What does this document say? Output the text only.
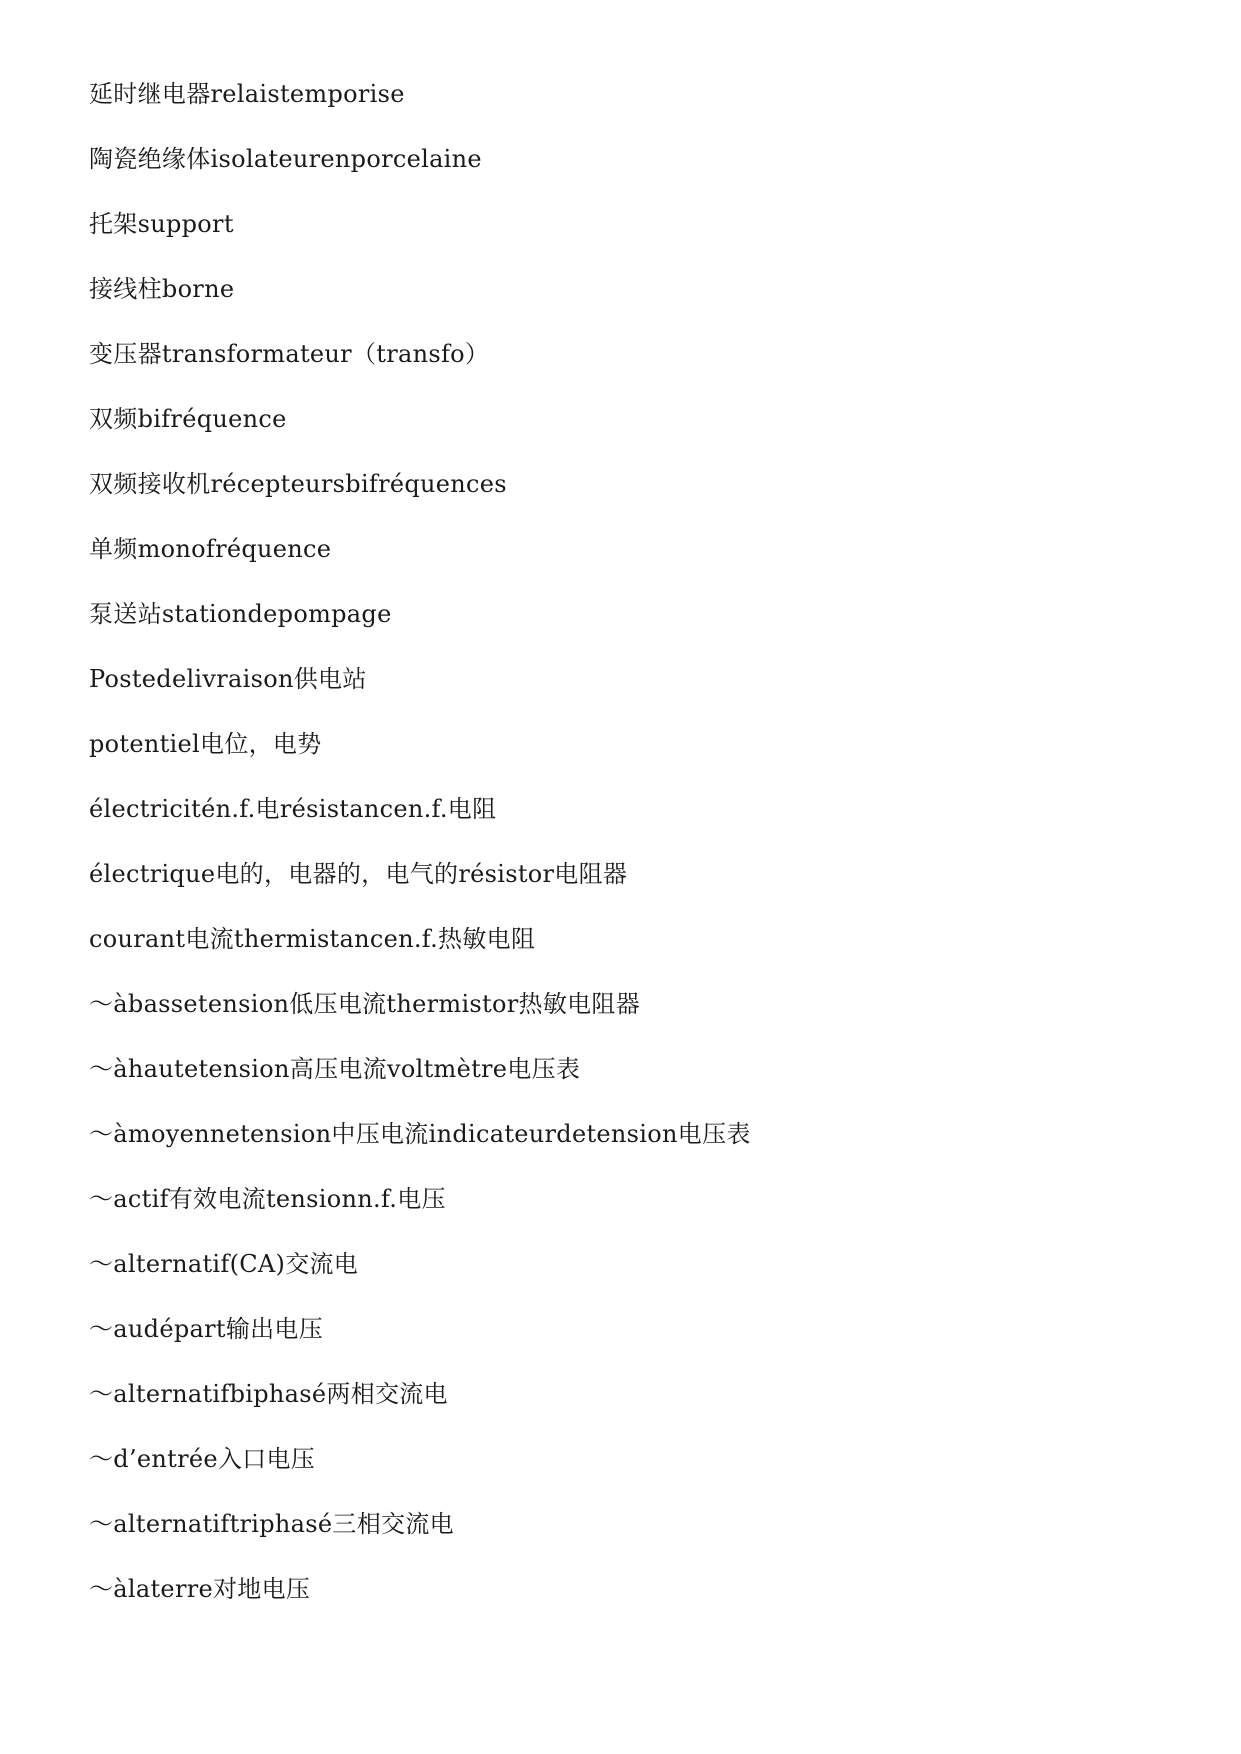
延时继电器relaistemporise
陶瓷绝缘体isolateurenporcelaine
托架support
接线柱borne
变压器transformateur（transfo）
双频bifréquence
双频接收机récepteursbifréquences
单频monofréquence
泵送站stationdepompage
Postedelivraison供电站
potentiel电位，电势
électricitén.f.电résistancen.f.电阻
électrique电的，电器的，电气的résistor电阻器
courant电流thermistancen.f.热敏电阻
～àbassetension低压电流thermistor热敏电阻器
～àhautetension高压电流voltmètre电压表
～àmoyennetension中压电流indicateurdetension电压表
～actif有效电流tensionn.f.电压
～alternatif(CA)交流电
～audépart输出电压
～alternatifbiphasé两相交流电
～d’entrée入口电压
～alternatiftriphasé三相交流电
～àlaterre对地电压
